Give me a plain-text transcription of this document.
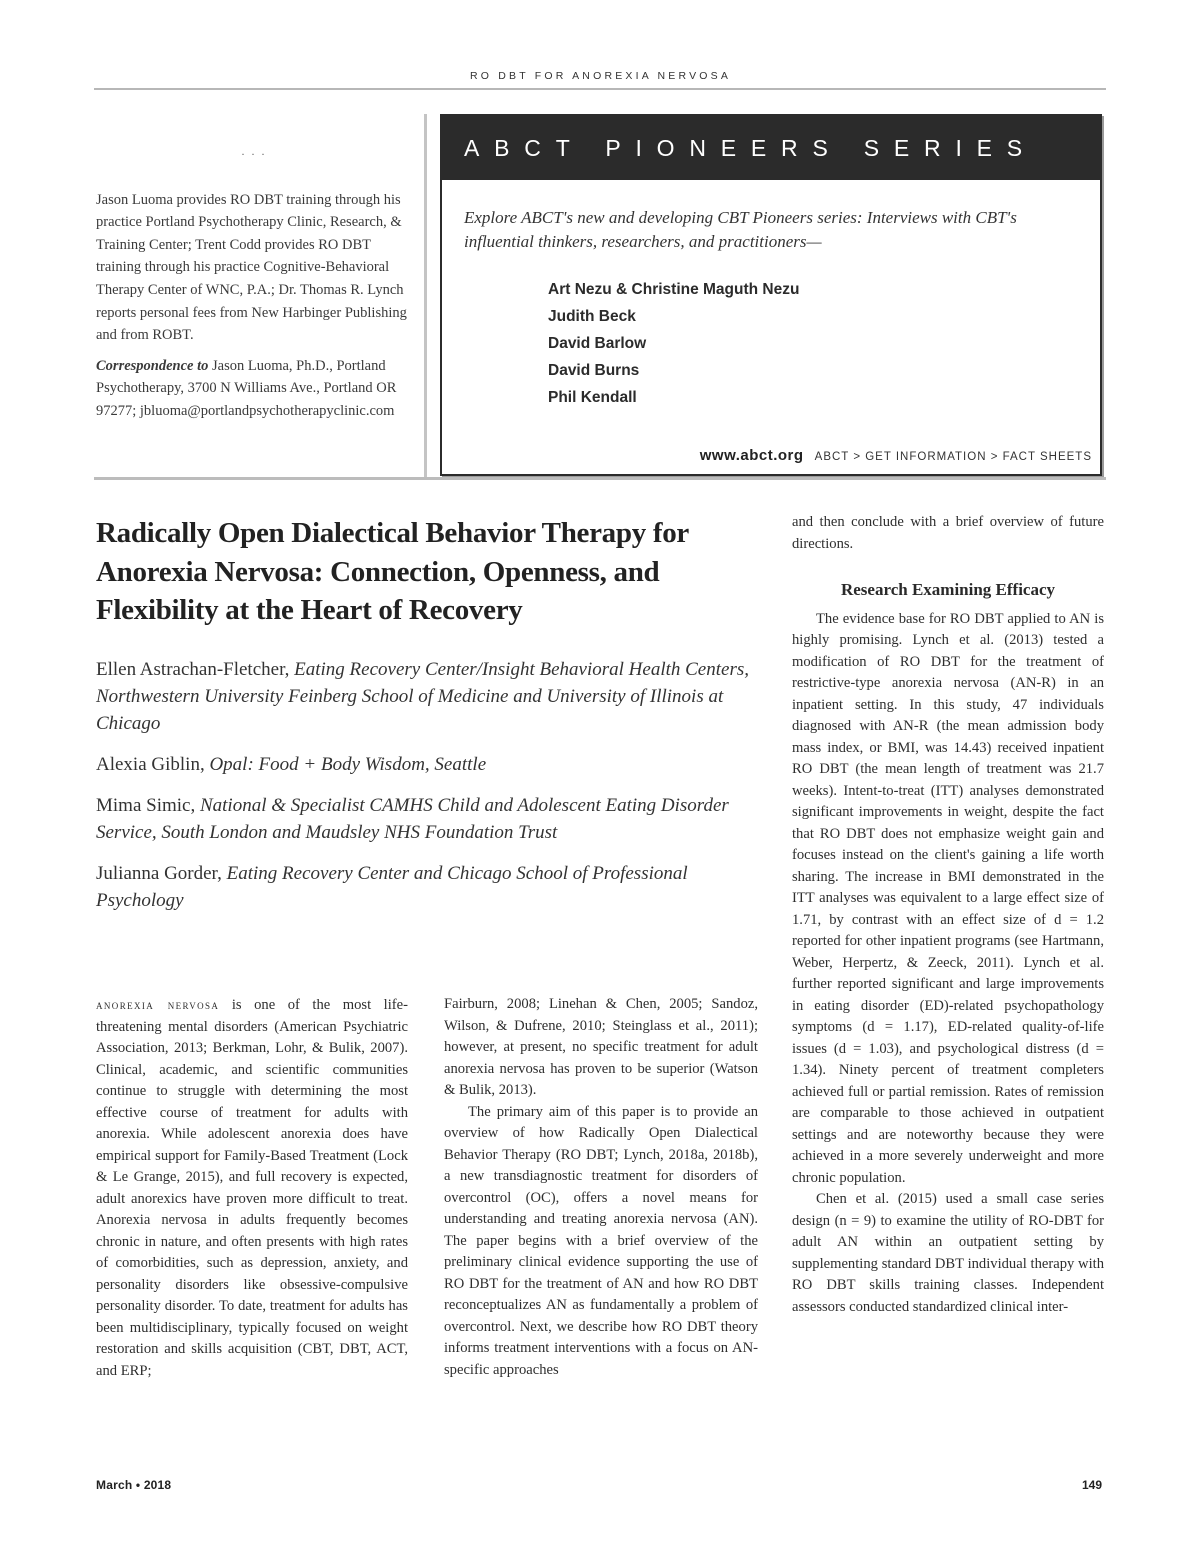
RO DBT FOR ANOREXIA NERVOSA
. . .

Jason Luoma provides RO DBT training through his practice Portland Psychotherapy Clinic, Research, & Training Center; Trent Codd provides RO DBT training through his practice Cognitive-Behavioral Therapy Center of WNC, P.A.; Dr. Thomas R. Lynch reports personal fees from New Harbinger Publishing and from ROBT.

Correspondence to Jason Luoma, Ph.D., Portland Psychotherapy, 3700 N Williams Ave., Portland OR 97277; jbluoma@portlandpsychotherapyclinic.com

ABCT PIONEERS SERIES
Explore ABCT's new and developing CBT Pioneers series: Interviews with CBT's influential thinkers, researchers, and practitioners—
Art Nezu & Christine Maguth Nezu
Judith Beck
David Barlow
David Burns
Phil Kendall
www.abct.org ABCT > GET INFORMATION > FACT SHEETS
Radically Open Dialectical Behavior Therapy for Anorexia Nervosa: Connection, Openness, and Flexibility at the Heart of Recovery

Ellen Astrachan-Fletcher, Eating Recovery Center/Insight Behavioral Health Centers, Northwestern University Feinberg School of Medicine and University of Illinois at Chicago

Alexia Giblin, Opal: Food + Body Wisdom, Seattle

Mima Simic, National & Specialist CAMHS Child and Adolescent Eating Disorder Service, South London and Maudsley NHS Foundation Trust

Julianna Gorder, Eating Recovery Center and Chicago School of Professional Psychology

anorexia nervosa is one of the most life-threatening mental disorders (American Psychiatric Association, 2013; Berkman, Lohr, & Bulik, 2007). Clinical, academic, and scientific communities continue to struggle with determining the most effective course of treatment for adults with anorexia. While adolescent anorexia does have empirical support for Family-Based Treatment (Lock & Le Grange, 2015), and full recovery is expected, adult anorexics have proven more difficult to treat. Anorexia nervosa in adults frequently becomes chronic in nature, and often presents with high rates of comorbidities, such as depression, anxiety, and personality disorders like obsessive-compulsive personality disorder. To date, treatment for adults has been multidisciplinary, typically focused on weight restoration and skills acquisition (CBT, DBT, ACT, and ERP;

Fairburn, 2008; Linehan & Chen, 2005; Sandoz, Wilson, & Dufrene, 2010; Steinglass et al., 2011); however, at present, no specific treatment for adult anorexia nervosa has proven to be superior (Watson & Bulik, 2013).

The primary aim of this paper is to provide an overview of how Radically Open Dialectical Behavior Therapy (RO DBT; Lynch, 2018a, 2018b), a new transdiagnostic treatment for disorders of overcontrol (OC), offers a novel means for understanding and treating anorexia nervosa (AN). The paper begins with a brief overview of the preliminary clinical evidence supporting the use of RO DBT for the treatment of AN and how RO DBT reconceptualizes AN as fundamentally a problem of overcontrol. Next, we describe how RO DBT theory informs treatment interventions with a focus on AN-specific approaches

and then conclude with a brief overview of future directions.

Research Examining Efficacy

The evidence base for RO DBT applied to AN is highly promising. Lynch et al. (2013) tested a modification of RO DBT for the treatment of restrictive-type anorexia nervosa (AN-R) in an inpatient setting. In this study, 47 individuals diagnosed with AN-R (the mean admission body mass index, or BMI, was 14.43) received inpatient RO DBT (the mean length of treatment was 21.7 weeks). Intent-to-treat (ITT) analyses demonstrated significant improvements in weight, despite the fact that RO DBT does not emphasize weight gain and focuses instead on the client's gaining a life worth sharing. The increase in BMI demonstrated in the ITT analyses was equivalent to a large effect size of 1.71, by contrast with an effect size of d = 1.2 reported for other inpatient programs (see Hartmann, Weber, Herpertz, & Zeeck, 2011). Lynch et al. further reported significant and large improvements in eating disorder (ED)-related psychopathology symptoms (d = 1.17), ED-related quality-of-life issues (d = 1.03), and psychological distress (d = 1.34). Ninety percent of treatment completers achieved full or partial remission. Rates of remission are comparable to those achieved in outpatient settings and are noteworthy because they were achieved in a more severely underweight and more chronic population.

Chen et al. (2015) used a small case series design (n = 9) to examine the utility of RO-DBT for adult AN within an outpatient setting by supplementing standard DBT individual therapy with RO DBT skills training classes. Independent assessors conducted standardized clinical inter-

March • 2018	149
